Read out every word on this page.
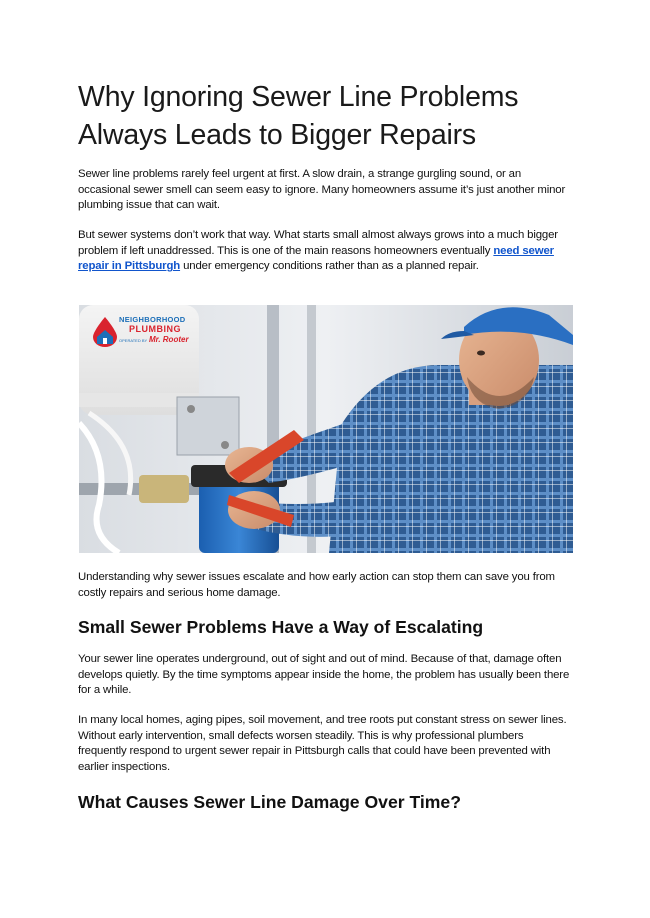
Why Ignoring Sewer Line Problems
Always Leads to Bigger Repairs

Sewer line problems rarely feel urgent at first. A slow drain, a strange gurgling sound, or an occasional sewer smell can seem easy to ignore. Many homeowners assume it’s just another minor plumbing issue that can wait.

But sewer systems don’t work that way. What starts small almost always grows into a much bigger problem if left unaddressed. This is one of the main reasons homeowners eventually need sewer repair in Pittsburgh under emergency conditions rather than as a planned repair.

NEIGHBORHOOD
PLUMBING
OPERATED BY Mr. Rooter

Understanding why sewer issues escalate and how early action can stop them can save you from costly repairs and serious home damage.

Small Sewer Problems Have a Way of Escalating

Your sewer line operates underground, out of sight and out of mind. Because of that, damage often develops quietly. By the time symptoms appear inside the home, the problem has usually been there for a while.

In many local homes, aging pipes, soil movement, and tree roots put constant stress on sewer lines. Without early intervention, small defects worsen steadily. This is why professional plumbers frequently respond to urgent sewer repair in Pittsburgh calls that could have been prevented with earlier inspections.

What Causes Sewer Line Damage Over Time?
